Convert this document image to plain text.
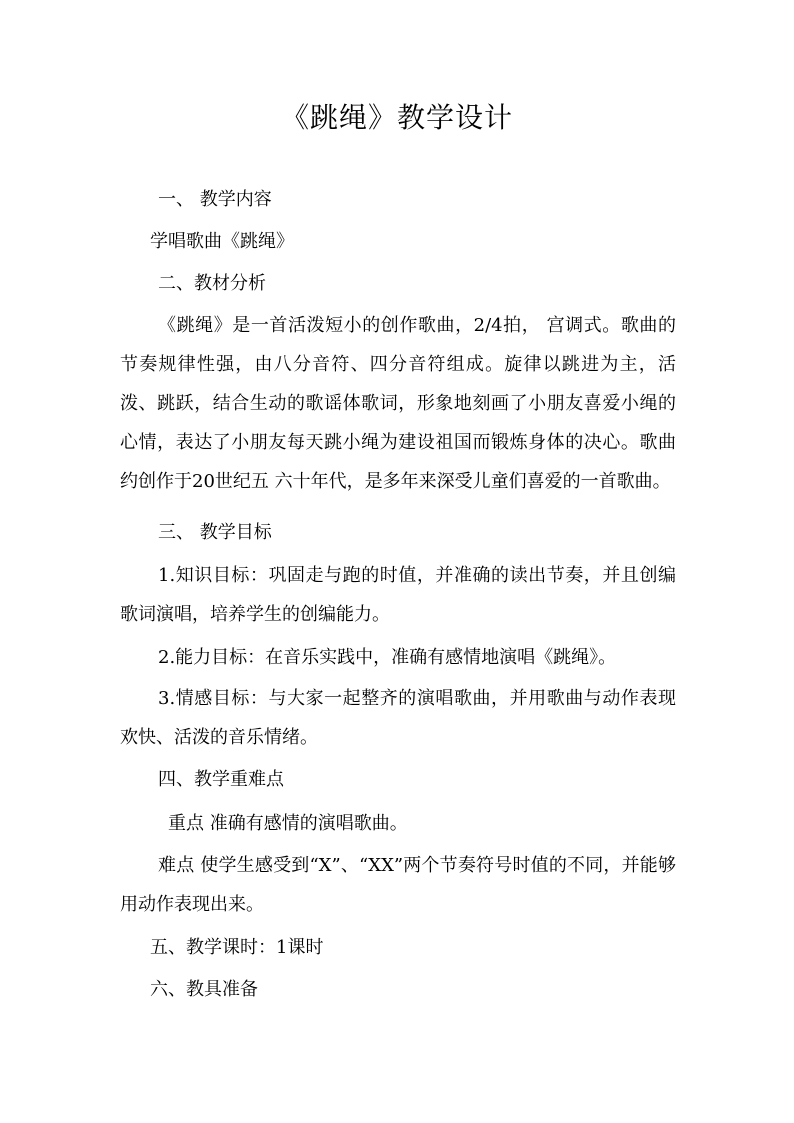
《跳绳》教学设计
一、 教学内容
学唱歌曲《跳绳》
二、教材分析
《跳绳》是一首活泼短小的创作歌曲，2/4拍， 宫调式。歌曲的节奏规律性强，由八分音符、四分音符组成。旋律以跳进为主，活泼、跳跃，结合生动的歌谣体歌词，形象地刻画了小朋友喜爱小绳的心情，表达了小朋友每天跳小绳为建设祖国而锻炼身体的决心。歌曲约创作于20世纪五 六十年代，是多年来深受儿童们喜爱的一首歌曲。
三、 教学目标
1.知识目标：巩固走与跑的时值，并准确的读出节奏，并且创编歌词演唱，培养学生的创编能力。
2.能力目标：在音乐实践中，准确有感情地演唱《跳绳》。
3.情感目标：与大家一起整齐的演唱歌曲，并用歌曲与动作表现欢快、活泼的音乐情绪。
四、教学重难点
重点 准确有感情的演唱歌曲。
难点 使学生感受到“X”、“XX”两个节奏符号时值的不同，并能够用动作表现出来。
五、教学课时：1课时
六、教具准备
